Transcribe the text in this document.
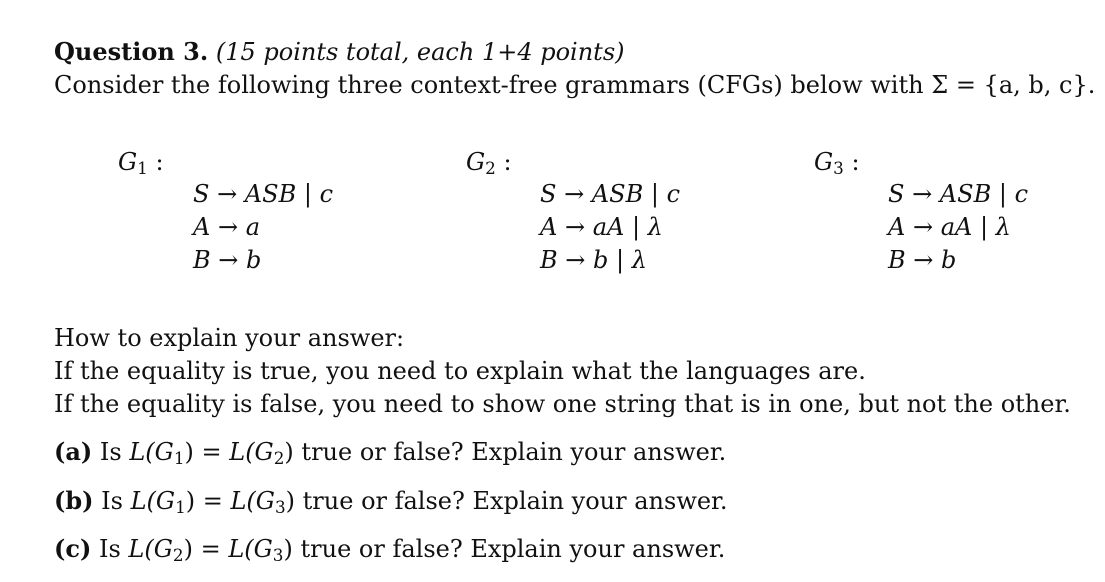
Question 3. (15 points total, each 1+4 points)
Consider the following three context-free grammars (CFGs) below with Σ = {a, b, c}.
$G_1$ :
S → ASB | c
A → a
B → b
$G_2$ :
S → ASB | c
A → aA | λ
B → b | λ
$G_3$ :
S → ASB | c
A → aA | λ
B → b
How to explain your answer:
If the equality is true, you need to explain what the languages are.
If the equality is false, you need to show one string that is in one, but not the other.
(a) Is $L(G_1) = L(G_2)$ true or false? Explain your answer.
(b) Is $L(G_1) = L(G_3)$ true or false? Explain your answer.
(c) Is $L(G_2) = L(G_3)$ true or false? Explain your answer.
